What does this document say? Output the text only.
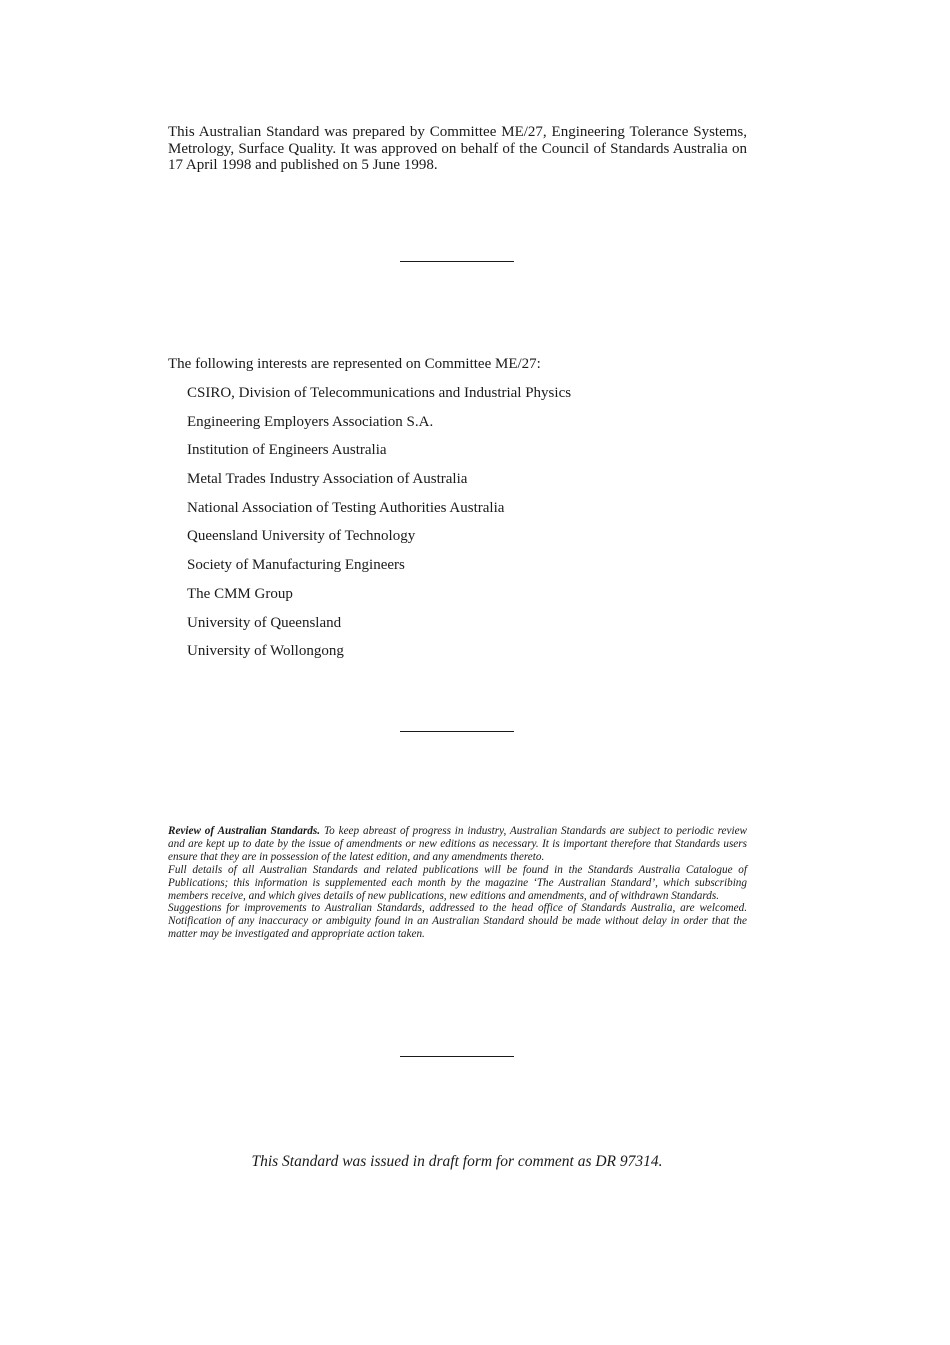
This Australian Standard was prepared by Committee ME/27, Engineering Tolerance Systems, Metrology, Surface Quality. It was approved on behalf of the Council of Standards Australia on 17 April 1998 and published on 5 June 1998.

The following interests are represented on Committee ME/27:

CSIRO, Division of Telecommunications and Industrial Physics
Engineering Employers Association S.A.
Institution of Engineers Australia
Metal Trades Industry Association of Australia
National Association of Testing Authorities Australia
Queensland University of Technology
Society of Manufacturing Engineers
The CMM Group
University of Queensland
University of Wollongong

Review of Australian Standards. To keep abreast of progress in industry, Australian Standards are subject to periodic review and are kept up to date by the issue of amendments or new editions as necessary. It is important therefore that Standards users ensure that they are in possession of the latest edition, and any amendments thereto.

Full details of all Australian Standards and related publications will be found in the Standards Australia Catalogue of Publications; this information is supplemented each month by the magazine ‘The Australian Standard’, which subscribing members receive, and which gives details of new publications, new editions and amendments, and of withdrawn Standards.

Suggestions for improvements to Australian Standards, addressed to the head office of Standards Australia, are welcomed. Notification of any inaccuracy or ambiguity found in an Australian Standard should be made without delay in order that the matter may be investigated and appropriate action taken.

This Standard was issued in draft form for comment as DR 97314.
